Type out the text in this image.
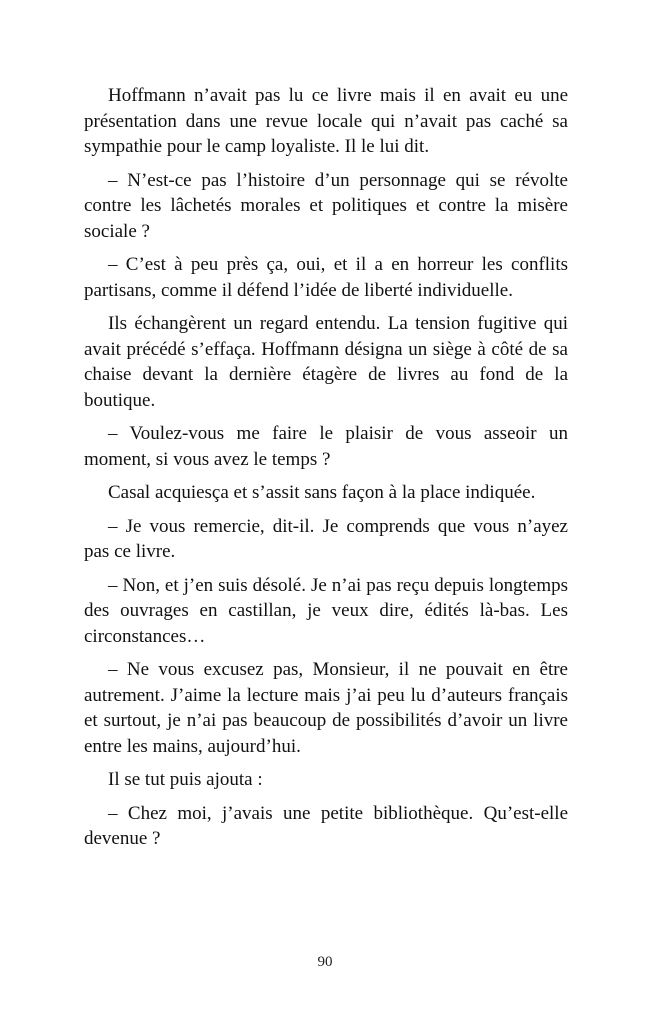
Hoffmann n’avait pas lu ce livre mais il en avait eu une présentation dans une revue locale qui n’avait pas caché sa sympathie pour le camp loyaliste. Il le lui dit.

– N’est-ce pas l’histoire d’un personnage qui se révolte contre les lâchetés morales et politiques et contre la misère sociale ?

– C’est à peu près ça, oui, et il a en horreur les conflits partisans, comme il défend l’idée de liberté individuelle.

Ils échangèrent un regard entendu. La tension fugitive qui avait précédé s’effaça. Hoffmann désigna un siège à côté de sa chaise devant la dernière étagère de livres au fond de la boutique.

– Voulez-vous me faire le plaisir de vous asseoir un moment, si vous avez le temps ?

Casal acquiesça et s’assit sans façon à la place indiquée.

– Je vous remercie, dit-il. Je comprends que vous n’ayez pas ce livre.

– Non, et j’en suis désolé. Je n’ai pas reçu depuis longtemps des ouvrages en castillan, je veux dire, édités là-bas. Les circonstances…

– Ne vous excusez pas, Monsieur, il ne pouvait en être autrement. J’aime la lecture mais j’ai peu lu d’auteurs français et surtout, je n’ai pas beaucoup de possibilités d’avoir un livre entre les mains, aujourd’hui.

Il se tut puis ajouta :

– Chez moi, j’avais une petite bibliothèque. Qu’est-elle devenue ?

90
